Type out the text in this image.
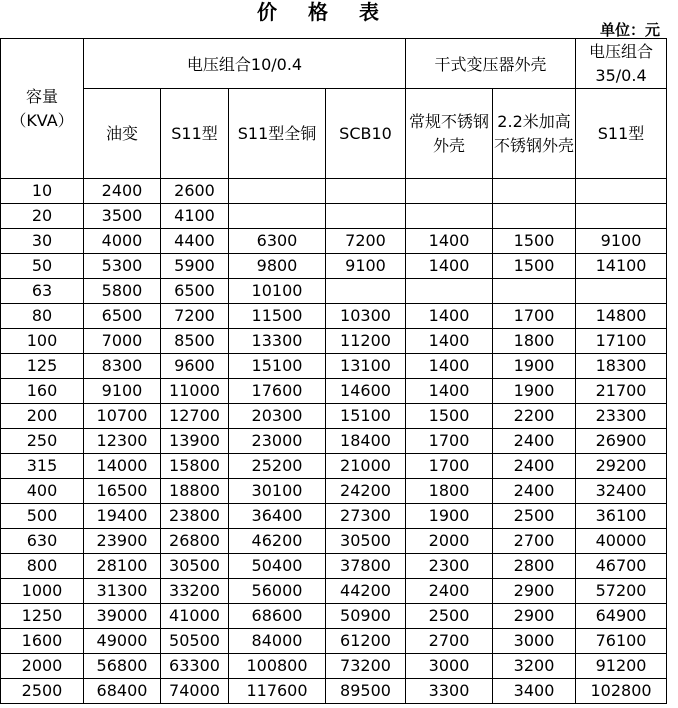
价 格 表
单位：元
容量（KVA）	电压组合10/0.4				干式变压器外壳		电压组合35/0.4
	油变	S11型	S11型全铜	SCB10	常规不锈钢外壳	2.2米加高不锈钢外壳	S11型
10	2400	2600					
20	3500	4100					
30	4000	4400	6300	7200	1400	1500	9100
50	5300	5900	9800	9100	1400	1500	14100
63	5800	6500	10100				
80	6500	7200	11500	10300	1400	1700	14800
100	7000	8500	13300	11200	1400	1800	17100
125	8300	9600	15100	13100	1400	1900	18300
160	9100	11000	17600	14600	1400	1900	21700
200	10700	12700	20300	15100	1500	2200	23300
250	12300	13900	23000	18400	1700	2400	26900
315	14000	15800	25200	21000	1700	2400	29200
400	16500	18800	30100	24200	1800	2400	32400
500	19400	23800	36400	27300	1900	2500	36100
630	23900	26800	46200	30500	2000	2700	40000
800	28100	30500	50400	37800	2300	2800	46700
1000	31300	33200	56000	44200	2400	2900	57200
1250	39000	41000	68600	50900	2500	2900	64900
1600	49000	50500	84000	61200	2700	3000	76100
2000	56800	63300	100800	73200	3000	3200	91200
2500	68400	74000	117600	89500	3300	3400	102800
